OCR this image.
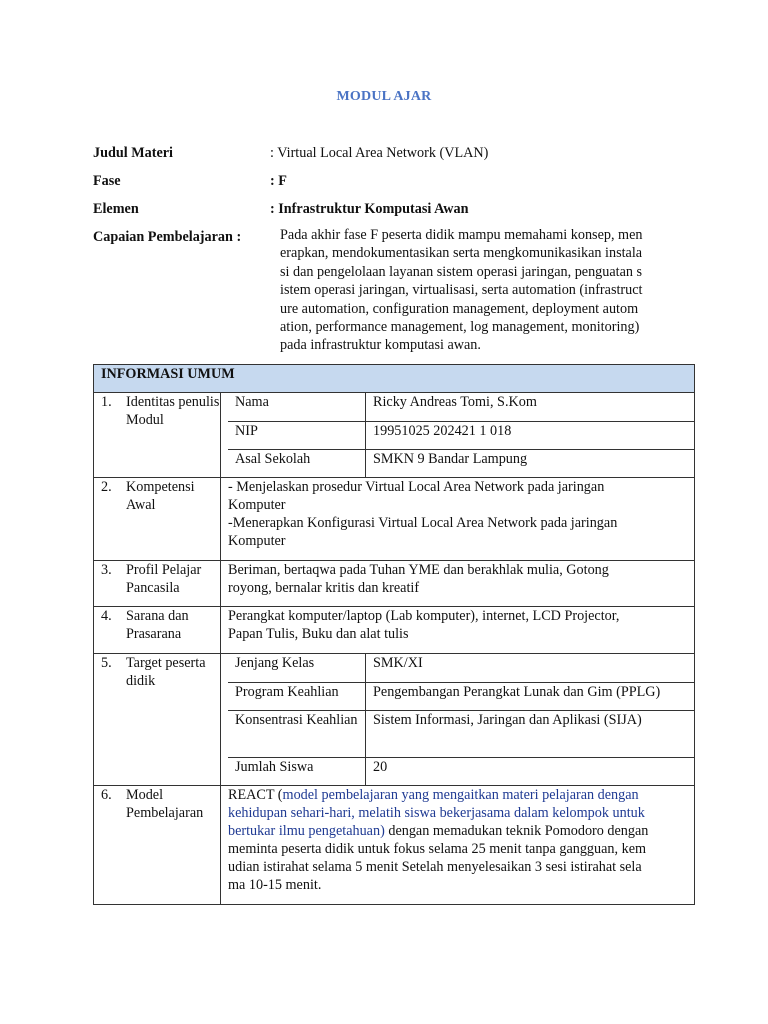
MODUL AJAR
Judul Materi	: Virtual Local Area Network (VLAN)
Fase	: F
Elemen	: Infrastruktur Komputasi Awan
Capaian Pembelajaran :	Pada akhir fase F peserta didik mampu memahami konsep, men
erapkan, mendokumentasikan serta mengkomunikasikan instala
si dan pengelolaan layanan sistem operasi jaringan, penguatan s
istem operasi jaringan, virtualisasi, serta automation (infrastruct
ure automation, configuration management, deployment autom
ation, performance management, log management, monitoring)
pada infrastruktur komputasi awan.
INFORMASI UMUM

1.	Identitas penulis Modul

Nama	Ricky Andreas Tomi, S.Kom
NIP	19951025 202421 1 018
Asal Sekolah	SMKN 9 Bandar Lampung

2.	Kompetensi Awal

- Menjelaskan prosedur Virtual Local Area Network pada jaringan
Komputer
-Menerapkan Konfigurasi Virtual Local Area Network pada jaringan
Komputer

3.	Profil Pelajar Pancasila

Beriman, bertaqwa pada Tuhan YME dan berakhlak mulia, Gotong
royong, bernalar kritis dan kreatif

4.	Sarana dan Prasarana

Perangkat komputer/laptop (Lab komputer), internet, LCD Projector,
Papan Tulis, Buku dan alat tulis

5.	Target peserta didik

Jenjang Kelas	SMK/XI
Program Keahlian	Pengembangan Perangkat Lunak dan Gim (PPLG)
Konsentrasi Keahlian	Sistem Informasi, Jaringan dan Aplikasi (SIJA)
Jumlah Siswa	20

6.	Model Pembelajaran

REACT (model pembelajaran yang mengaitkan materi pelajaran dengan
kehidupan sehari-hari, melatih siswa bekerjasama dalam kelompok untuk
bertukar ilmu pengetahuan) dengan memadukan teknik Pomodoro dengan
meminta peserta didik untuk fokus selama 25 menit tanpa gangguan, kem
udian istirahat selama 5 menit Setelah menyelesaikan 3 sesi istirahat sela
ma 10-15 menit.
